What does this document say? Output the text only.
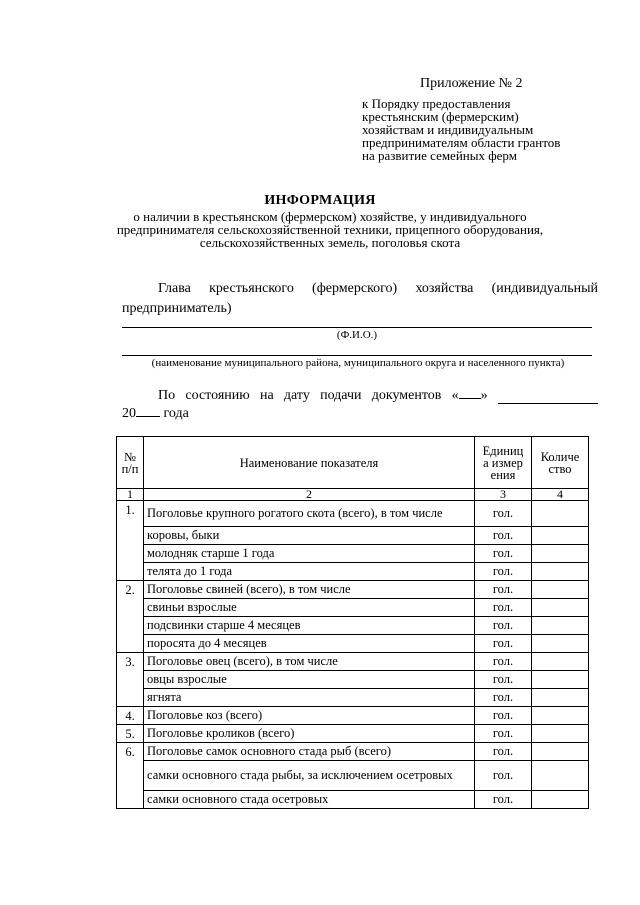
Приложение № 2
к Порядку предоставления
крестьянским (фермерским)
хозяйствам и индивидуальным
предпринимателям области грантов
на развитие семейных ферм
ИНФОРМАЦИЯ
о наличии в крестьянском (фермерском) хозяйстве, у индивидуального
предпринимателя сельскохозяйственной техники, прицепного оборудования,
сельскохозяйственных земель, поголовья скота
Глава крестьянского (фермерского) хозяйства (индивидуальный
предприниматель)
(Ф.И.О.)
(наименование муниципального района, муниципального округа и населенного пункта)
По состоянию на дату подачи документов « »
20 года
№ п/п	Наименование показателя	Единица измерения	Количество

1	2	3	4
1.	Поголовье крупного рогатого скота (всего), в том числе	гол.	
	коровы, быки	гол.	
	молодняк старше 1 года	гол.	
	телята до 1 года	гол.	
2.	Поголовье свиней (всего), в том числе	гол.	
	свиньи взрослые	гол.	
	подсвинки старше 4 месяцев	гол.	
	поросята до 4 месяцев	гол.	
3.	Поголовье овец (всего), в том числе	гол.	
	овцы взрослые	гол.	
	ягнята	гол.	
4.	Поголовье коз (всего)	гол.	
5.	Поголовье кроликов (всего)	гол.	
6.	Поголовье самок основного стада рыб (всего)	гол.	
	самки основного стада рыбы, за исключением осетровых	гол.	
	самки основного стада осетровых	гол.	
